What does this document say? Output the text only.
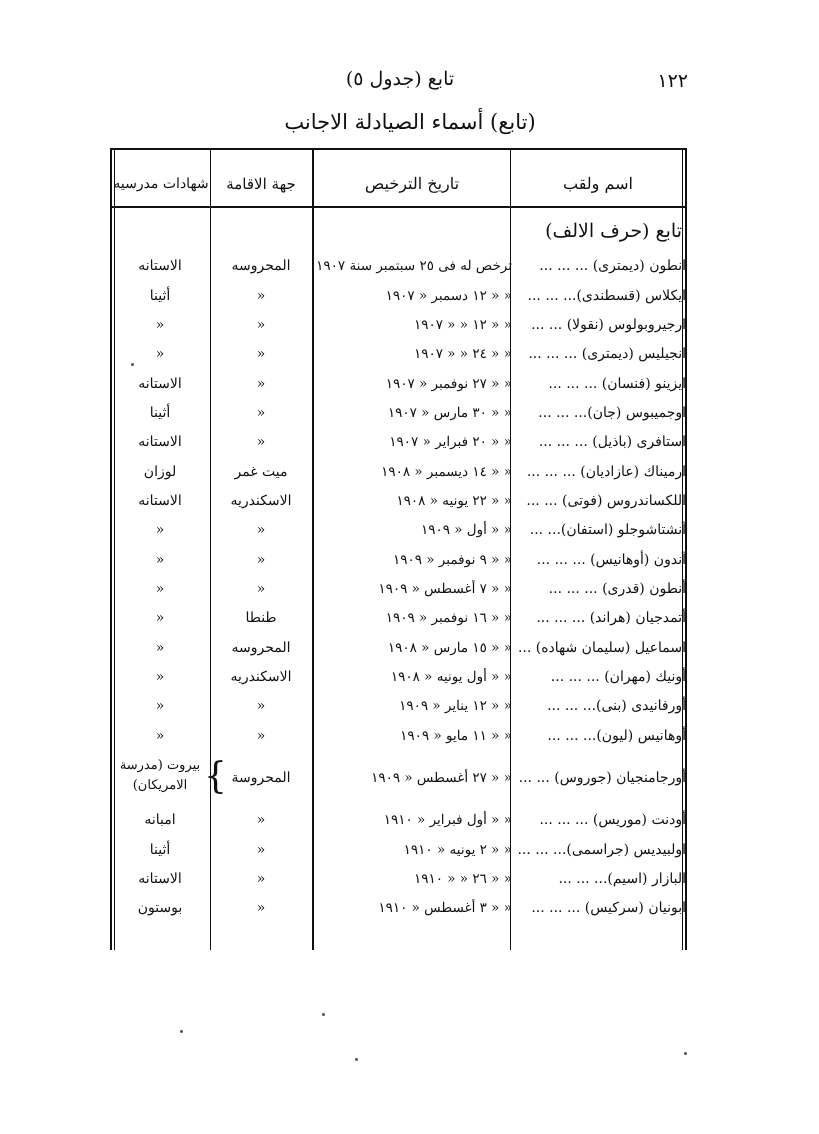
١٢٢
تابع (جدول ٥)
(تابع) أسماء الصيادلة الاجانب
اسم ولقب
تاريخ الترخيص
جهة الاقامة
شهادات مدرسيه
تابع (حرف الالف)
انطون (ديمترى) ... ... ...
ترخص له فى ٢٥ سبتمبر سنة ١٩٠٧
المحروسه
الاستانه
ايكلاس (قسطندى)... ... ...
« « ١٢ دسمبر « ١٩٠٧
«
أثينا
ارجيروبولوس (نقولا) ... ...
« « ١٢ « « ١٩٠٧
«
«
انجيليس (ديمترى) ... ... ...
« « ٢٤ « « ١٩٠٧
«
«
ايزينو (فنسان) ... ... ...
« « ٢٧ نوفمبر « ١٩٠٧
«
الاستانه
اوجميبوس (جان)... ... ...
« « ٣٠ مارس « ١٩٠٧
«
أثينا
استافرى (باذيل) ... ... ...
« « ٢٠ فبراير « ١٩٠٧
«
الاستانه
ارميناك (عازاديان) ... ... ...
« « ١٤ ديسمبر « ١٩٠٨
ميت غمر
لوزان
اللكساندروس (فوتى) ... ...
« « ٢٢ يونيه « ١٩٠٨
الاسكندريه
الاستانه
آنشتاشوجلو (استفان)... ...
« « أول « ١٩٠٩
«
«
آندون (أوهانيس) ... ... ...
« « ٩ نوفمبر « ١٩٠٩
«
«
أنطون (قدرى) ... ... ...
« « ٧ أغسطس « ١٩٠٩
«
«
أتمدجيان (هراند) ... ... ...
« « ١٦ نوفمبر « ١٩٠٩
طنطا
«
اسماعيل (سليمان شهاده) ...
« « ١٥ مارس « ١٩٠٨
المحروسه
«
أونيك (مهران) ... ... ...
« « أول يونيه « ١٩٠٨
الاسكندريه
«
أورفانيدى (بنى)... ... ...
« « ١٢ يناير « ١٩٠٩
«
«
أوهانيس (ليون)... ... ...
« « ١١ مايو « ١٩٠٩
«
«
أورجامنجيان (جوروس) ... ...
« « ٢٧ أغسطس « ١٩٠٩
المحروسة
بيروت (مدرسة الامريكان) {
أودنت (موريس) ... ... ...
« « أول فبراير « ١٩١٠
«
امبانه
اولبيديس (جراسمى)... ... ...
« « ٢ يونيه « ١٩١٠
«
أثينا
البازار (اسيم)... ... ...
« « ٢٦ « « ١٩١٠
«
الاستانه
ابونيان (سركيس) ... ... ...
« « ٣ أغسطس « ١٩١٠
«
بوستون
